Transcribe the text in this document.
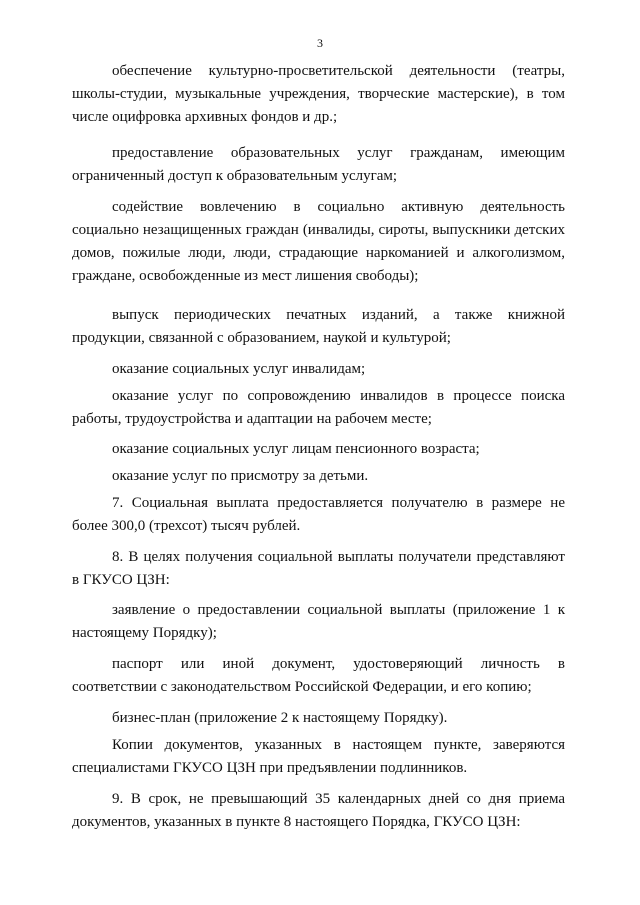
3

обеспечение культурно-просветительской деятельности (театры, школы-студии, музыкальные учреждения, творческие мастерские), в том числе оцифровка архивных фондов и др.;

предоставление образовательных услуг гражданам, имеющим ограниченный доступ к образовательным услугам;

содействие вовлечению в социально активную деятельность социально незащищенных граждан (инвалиды, сироты, выпускники детских домов, пожилые люди, люди, страдающие наркоманией и алкоголизмом, граждане, освобожденные из мест лишения свободы);

выпуск периодических печатных изданий, а также книжной продукции, связанной с образованием, наукой и культурой;

оказание социальных услуг инвалидам;

оказание услуг по сопровождению инвалидов в процессе поиска работы, трудоустройства и адаптации на рабочем месте;

оказание социальных услуг лицам пенсионного возраста;

оказание услуг по присмотру за детьми.

7. Социальная выплата предоставляется получателю в размере не более 300,0 (трехсот) тысяч рублей.

8. В целях получения социальной выплаты получатели представляют в ГКУСО ЦЗН:

заявление о предоставлении социальной выплаты (приложение 1 к настоящему Порядку);

паспорт или иной документ, удостоверяющий личность в соответствии с законодательством Российской Федерации, и его копию;

бизнес-план (приложение 2 к настоящему Порядку).

Копии документов, указанных в настоящем пункте, заверяются специалистами ГКУСО ЦЗН при предъявлении подлинников.

9. В срок, не превышающий 35 календарных дней со дня приема документов, указанных в пункте 8 настоящего Порядка, ГКУСО ЦЗН:
